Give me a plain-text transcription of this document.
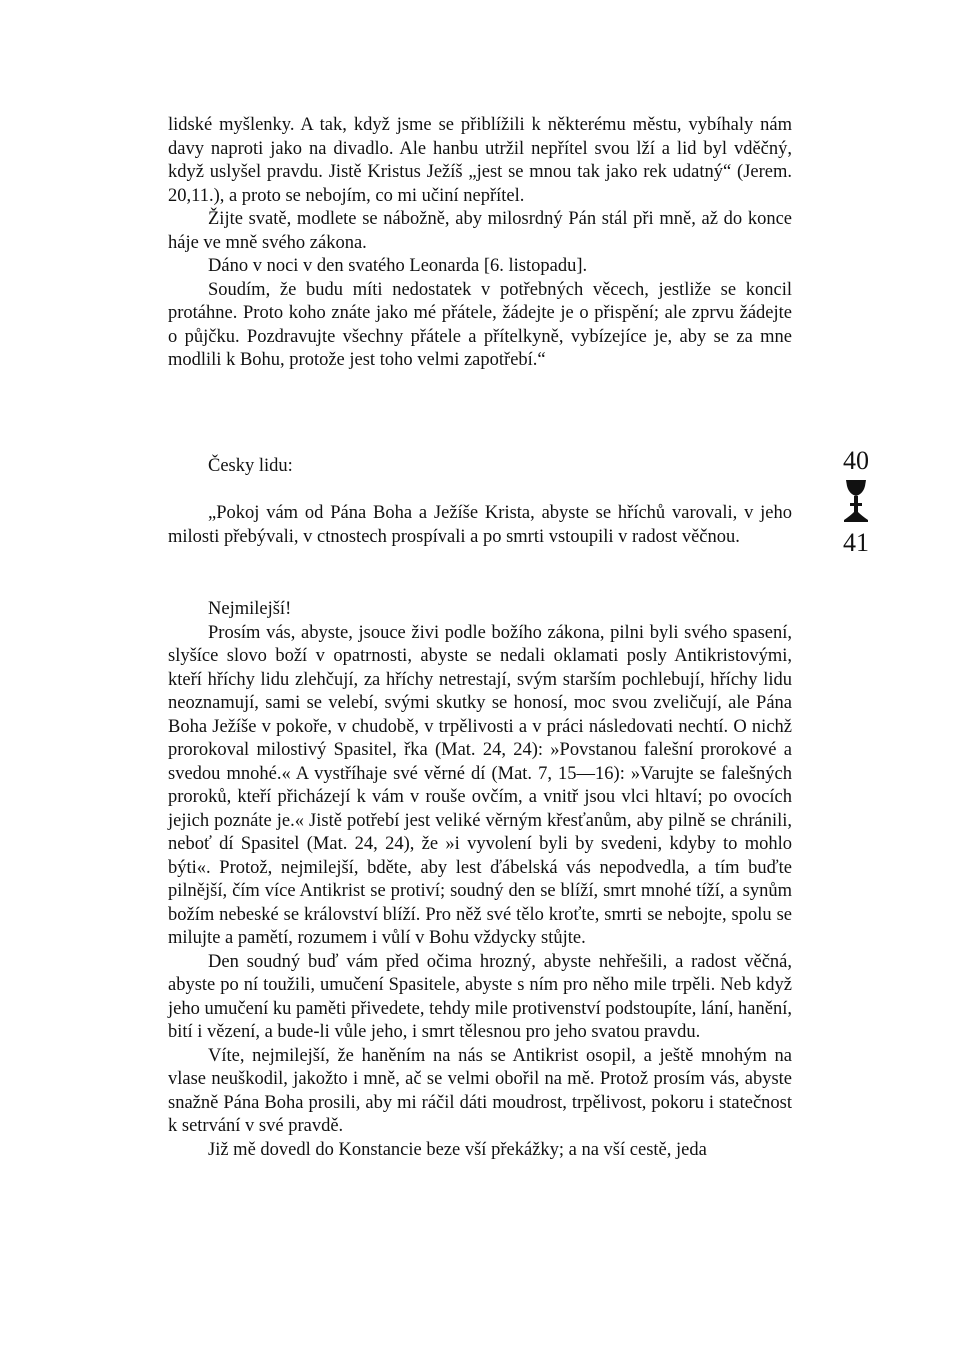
lidské myšlenky. A tak, když jsme se přiblížili k některému městu, vybíhaly nám davy naproti jako na divadlo. Ale hanbu utržil nepřítel svou lží a lid byl vděčný, když uslyšel pravdu. Jistě Kristus Ježíš „jest se mnou tak jako rek udatný“ (Jerem. 20,11.), a proto se nebojím, co mi učiní nepřítel.

Žijte svatě, modlete se nábožně, aby milosrdný Pán stál při mně, až do konce háje ve mně svého zákona.

Dáno v noci v den svatého Leonarda [6. listopadu].

Soudím, že budu míti nedostatek v potřebných věcech, jestliže se koncil protáhne. Proto koho znáte jako mé přátele, žádejte je o přispění; ale zprvu žádejte o půjčku. Pozdravujte všechny přátele a přítelkyně, vybízejíce je, aby se za mne modlili k Bohu, protože jest toho velmi zapotřebí.“

Česky lidu:

„Pokoj vám od Pána Boha a Ježíše Krista, abyste se hříchů varovali, v jeho milosti přebývali, v ctnostech prospívali a po smrti vstoupili v radost věčnou.

Nejmilejší!

Prosím vás, abyste, jsouce živi podle božího zákona, pilni byli svého spasení, slyšíce slovo boží v opatrnosti, abyste se nedali oklamati posly Antikristovými, kteří hříchy lidu zlehčují, za hříchy netrestají, svým starším pochlebují, hříchy lidu neoznamují, sami se velebí, svými skutky se honosí, moc svou zveličují, ale Pána Boha Ježíše v pokoře, v chudobě, v trpělivosti a v práci následovati nechtí. O nichž prorokoval milostivý Spasitel, řka (Mat. 24, 24): »Povstanou falešní prorokové a svedou mnohé.« A vystříhaje své věrné dí (Mat. 7, 15—16): »Varujte se falešných proroků, kteří přicházejí k vám v rouše ovčím, a vnitř jsou vlci hltaví; po ovocích jejich poznáte je.« Jistě potřebí jest veliké věrným křesťanům, aby pilně se chránili, neboť dí Spasitel (Mat. 24, 24), že »i vyvolení byli by svedeni, kdyby to mohlo býti«. Protož, nejmilejší, bděte, aby lest ďábelská vás nepodvedla, a tím buďte pilnější, čím více Antikrist se protiví; soudný den se blíží, smrt mnohé tíží, a synům božím nebeské se království blíží. Pro něž své tělo kroťte, smrti se nebojte, spolu se milujte a pamětí, rozumem i vůlí v Bohu vždycky stůjte.

Den soudný buď vám před očima hrozný, abyste nehřešili, a radost věčná, abyste po ní toužili, umučení Spasitele, abyste s ním pro něho mile trpěli. Neb když jeho umučení ku paměti přivedete, tehdy mile protivenství podstoupíte, lání, hanění, bití i vězení, a bude-li vůle jeho, i smrt tělesnou pro jeho svatou pravdu.

Víte, nejmilejší, že haněním na nás se Antikrist osopil, a ještě mnohým na vlase neuškodil, jakožto i mně, ač se velmi obořil na mě. Protož prosím vás, abyste snažně Pána Boha prosili, aby mi ráčil dáti moudrost, trpělivost, pokoru i statečnost k setrvání v své pravdě.

Již mě dovedl do Konstancie beze vší překážky; a na vší cestě, jeda

40
41
